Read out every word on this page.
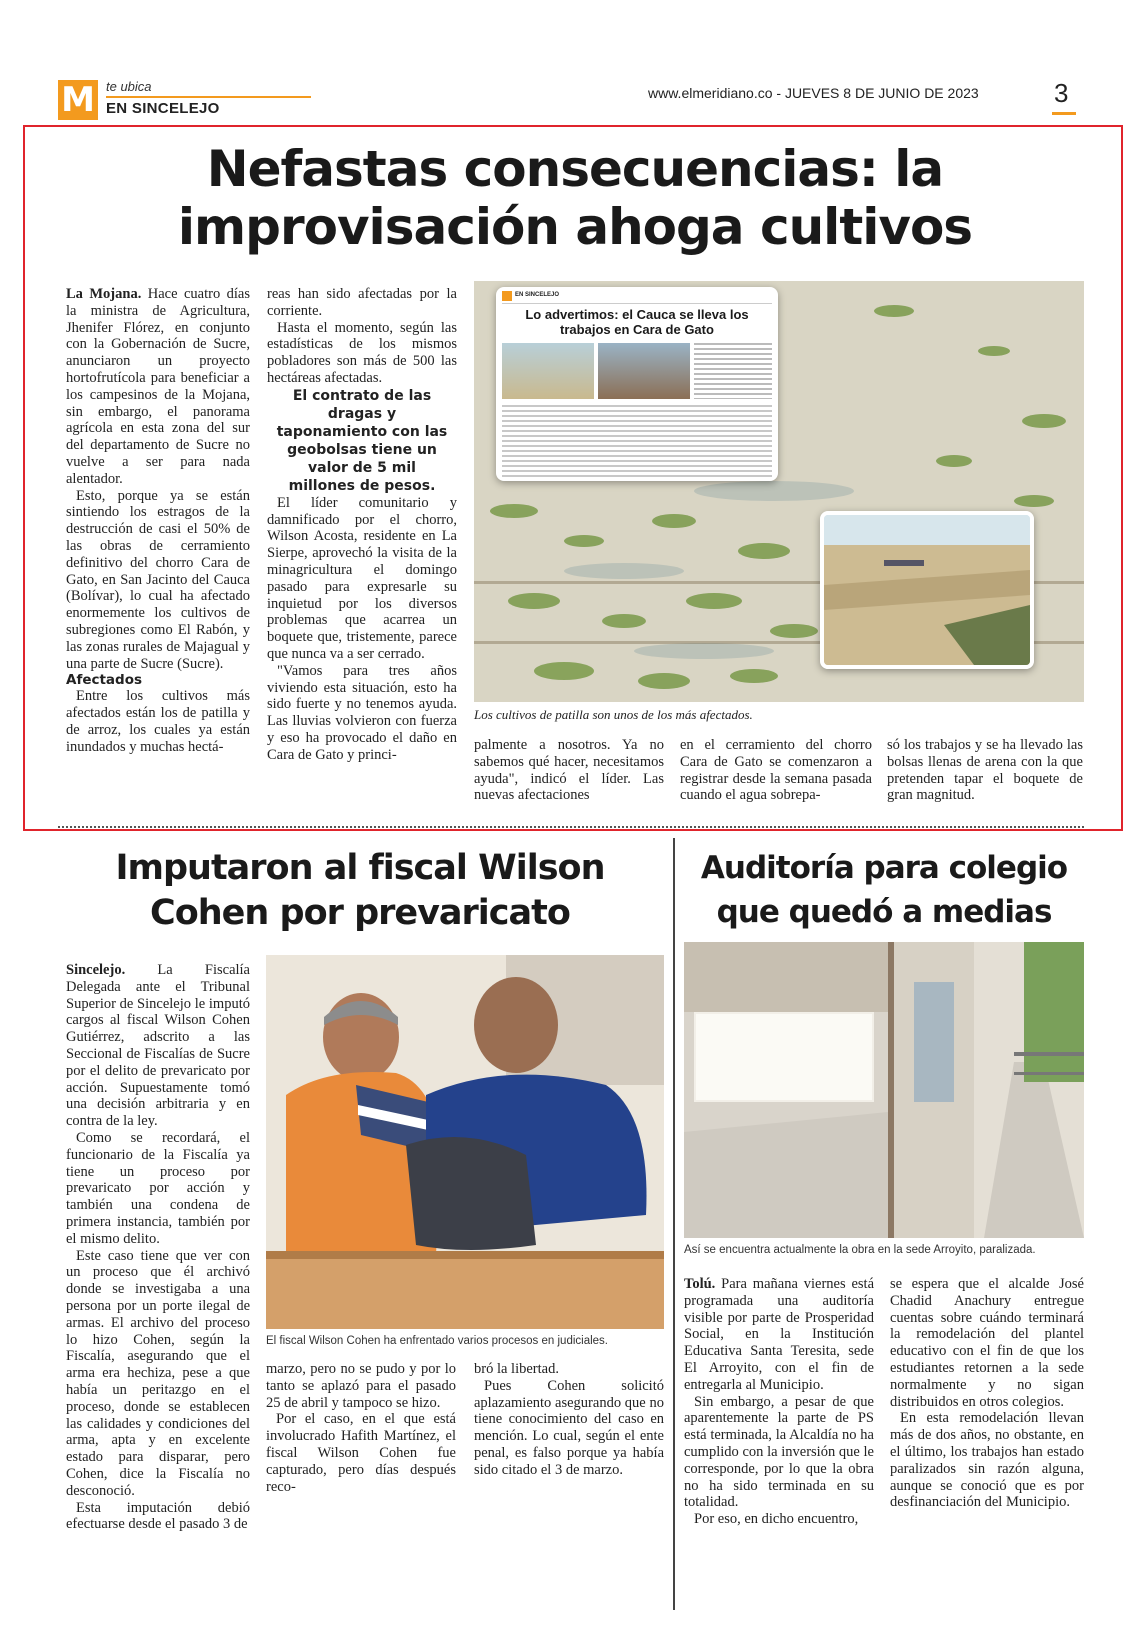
M te ubica
EN SINCELEJO
www.elmeridiano.co - JUEVES 8 DE JUNIO DE 2023	3
Nefastas consecuencias: la
improvisación ahoga cultivos

La Mojana. Hace cuatro días la ministra de Agricultura, Jhenifer Flórez, en conjunto con la Gobernación de Sucre, anunciaron un proyecto hortofrutícola para beneficiar a los campesinos de la Mojana, sin embargo, el panorama agrícola en esta zona del sur del departamento de Sucre no vuelve a ser para nada alentador.

Esto, porque ya se están sintiendo los estragos de la destrucción de casi el 50% de las obras de cerramiento definitivo del chorro Cara de Gato, en San Jacinto del Cauca (Bolívar), lo cual ha afectado enormemente los cultivos de subregiones como El Rabón, y las zonas rurales de Majagual y una parte de Sucre (Sucre).

Afectados

Entre los cultivos más afectados están los de patilla y de arroz, los cuales ya están inundados y muchas hectá-

reas han sido afectadas por la corriente.

Hasta el momento, según las estadísticas de los mismos pobladores son más de 500 las hectáreas afectadas.

El contrato de las dragas y taponamiento con las geobolsas tiene un valor de 5 mil millones de pesos.

El líder comunitario y damnificado por el chorro, Wilson Acosta, residente en La Sierpe, aprovechó la visita de la minagricultura el domingo pasado para expresarle su inquietud por los diversos problemas que acarrea un boquete que, tristemente, parece que nunca va a ser cerrado.

"Vamos para tres años viviendo esta situación, esto ha sido fuerte y no tenemos ayuda. Las lluvias volvieron con fuerza y eso ha provocado el daño en Cara de Gato y princi-

EN SINCELEJO
Lo advertimos: el Cauca se lleva los trabajos en Cara de Gato
Los cultivos de patilla son unos de los más afectados.

palmente a nosotros. Ya no sabemos qué hacer, necesitamos ayuda", indicó el líder. Las nuevas afectaciones

en el cerramiento del chorro Cara de Gato se comenzaron a registrar desde la semana pasada cuando el agua sobrepa-

só los trabajos y se ha llevado las bolsas llenas de arena con la que pretenden tapar el boquete de gran magnitud.

Imputaron al fiscal Wilson
Cohen por prevaricato

Sincelejo. La Fiscalía Delegada ante el Tribunal Superior de Sincelejo le imputó cargos al fiscal Wilson Cohen Gutiérrez, adscrito a las Seccional de Fiscalías de Sucre por el delito de prevaricato por acción. Supuestamente tomó una decisión arbitraria y en contra de la ley.

Como se recordará, el funcionario de la Fiscalía ya tiene un proceso por prevaricato por acción y también una condena de primera instancia, también por el mismo delito.

Este caso tiene que ver con un proceso que él archivó donde se investigaba a una persona por un porte ilegal de armas. El archivo del proceso lo hizo Cohen, según la Fiscalía, asegurando que el arma era hechiza, pese a que había un peritazgo en el proceso, donde se establecen las calidades y condiciones del arma, apta y en excelente estado para disparar, pero Cohen, dice la Fiscalía no desconoció.

Esta imputación debió efectuarse desde el pasado 3 de

El fiscal Wilson Cohen ha enfrentado varios procesos en judiciales.

marzo, pero no se pudo y por lo tanto se aplazó para el pasado 25 de abril y tampoco se hizo.

Por el caso, en el que está involucrado Hafith Martínez, el fiscal Wilson Cohen fue capturado, pero días después reco-

bró la libertad.

Pues Cohen solicitó aplazamiento asegurando que no tiene conocimiento del caso en mención. Lo cual, según el ente penal, es falso porque ya había sido citado el 3 de marzo.

Auditoría para colegio
que quedó a medias
Así se encuentra actualmente la obra en la sede Arroyito, paralizada.

Tolú. Para mañana viernes está programada una auditoría visible por parte de Prosperidad Social, en la Institución Educativa Santa Teresita, sede El Arroyito, con el fin de entregarla al Municipio.

Sin embargo, a pesar de que aparentemente la parte de PS está terminada, la Alcaldía no ha cumplido con la inversión que le corresponde, por lo que la obra no ha sido terminada en su totalidad.

Por eso, en dicho encuentro,

se espera que el alcalde José Chadid Anachury entregue cuentas sobre cuándo terminará la remodelación del plantel educativo con el fin de que los estudiantes retornen a la sede normalmente y no sigan distribuidos en otros colegios.

En esta remodelación llevan más de dos años, no obstante, en el último, los trabajos han estado paralizados sin razón alguna, aunque se conoció que es por desfinanciación del Municipio.
